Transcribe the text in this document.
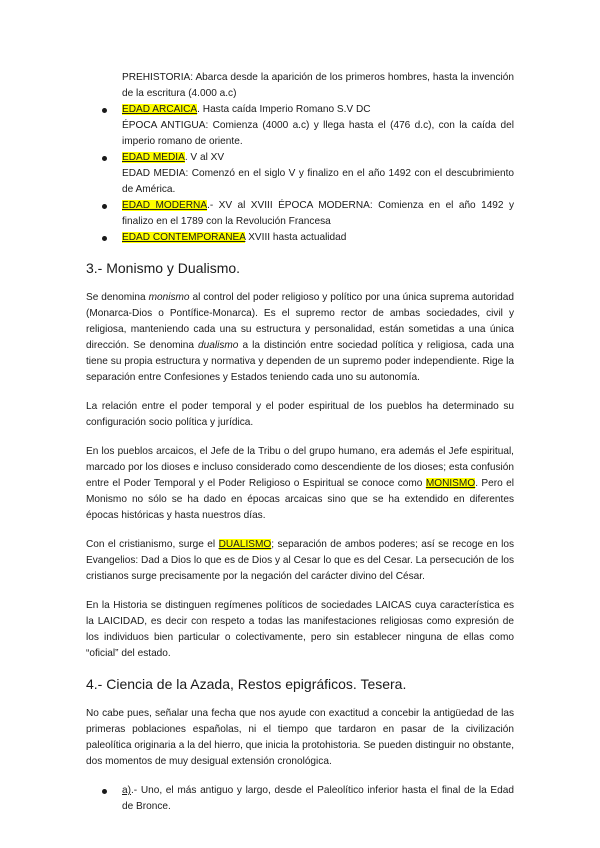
PREHISTORIA: Abarca desde la aparición de los primeros hombres, hasta la invención de la escritura (4.000 a.c)

EDAD ARCAICA. Hasta caída Imperio Romano S.V DC

ÉPOCA ANTIGUA: Comienza (4000 a.c) y llega hasta el (476 d.c), con la caída del imperio romano de oriente.

EDAD MEDIA. V al XV

EDAD MEDIA: Comenzó en el siglo V y finalizo en el año 1492 con el descubrimiento de América.

EDAD MODERNA.- XV al XVIII ÉPOCA MODERNA: Comienza en el año 1492 y finalizo en el 1789 con la Revolución Francesa

EDAD CONTEMPORANEA XVIII hasta actualidad

3.- Monismo y Dualismo.

Se denomina monismo al control del poder religioso y político por una única suprema autoridad (Monarca-Dios o Pontífice-Monarca). Es el supremo rector de ambas sociedades, civil y religiosa, manteniendo cada una su estructura y personalidad, están sometidas a una única dirección. Se denomina dualismo a la distinción entre sociedad política y religiosa, cada una tiene su propia estructura y normativa y dependen de un supremo poder independiente. Rige la separación entre Confesiones y Estados teniendo cada uno su autonomía.

La relación entre el poder temporal y el poder espiritual de los pueblos ha determinado su configuración socio política y jurídica.

En los pueblos arcaicos, el Jefe de la Tribu o del grupo humano, era además el Jefe espiritual, marcado por los dioses e incluso considerado como descendiente de los dioses; esta confusión entre el Poder Temporal y el Poder Religioso o Espiritual se conoce como MONISMO. Pero el Monismo no sólo se ha dado en épocas arcaicas sino que se ha extendido en diferentes épocas históricas y hasta nuestros días.

Con el cristianismo, surge el DUALISMO; separación de ambos poderes; así se recoge en los Evangelios: Dad a Dios lo que es de Dios y al Cesar lo que es del Cesar. La persecución de los cristianos surge precisamente por la negación del carácter divino del César.

En la Historia se distinguen regímenes políticos de sociedades LAICAS cuya característica es la LAICIDAD, es decir con respeto a todas las manifestaciones religiosas como expresión de los individuos bien particular o colectivamente, pero sin establecer ninguna de ellas como “oficial” del estado.

4.- Ciencia de la Azada, Restos epigráficos. Tesera.

No cabe pues, señalar una fecha que nos ayude con exactitud a concebir la antigüedad de las primeras poblaciones españolas, ni el tiempo que tardaron en pasar de la civilización paleolítica originaria a la del hierro, que inicia la protohistoria. Se pueden distinguir no obstante, dos momentos de muy desigual extensión cronológica.

a).- Uno, el más antiguo y largo, desde el Paleolítico inferior hasta el final de la Edad de Bronce.
